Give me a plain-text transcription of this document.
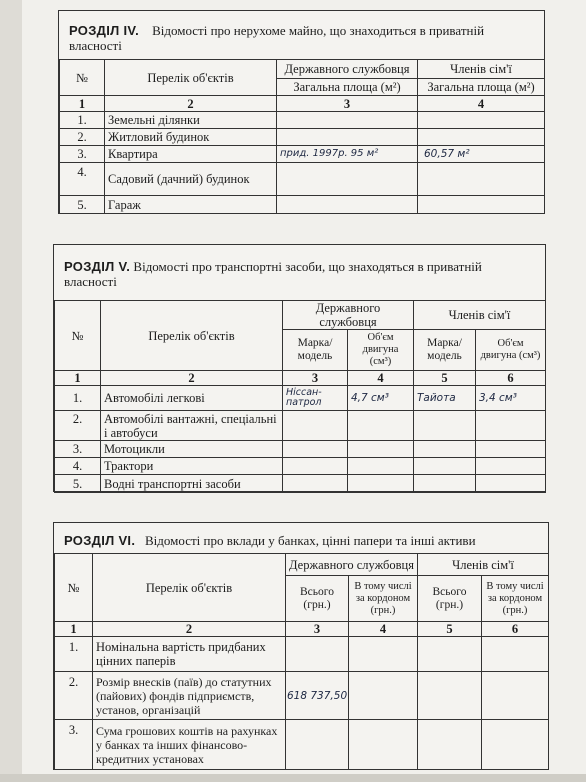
РОЗДІЛ IV. Відомості про нерухоме майно, що знаходиться в приватній власності
№	Перелік об'єктів	Державного службовця	Членів сім'ї
		Загальна площа (м²)	Загальна площа (м²)
1	2	3	4
1.	Земельні ділянки		
2.	Житловий будинок		
3.	Квартира	прид. 1997р. 95 м²	60,57 м²
4.	Садовий (дачний) будинок		
5.	Гараж		
РОЗДІЛ V. Відомості про транспортні засоби, що знаходяться в приватній власності
№	Перелік об'єктів	Державного службовця		Членів сім'ї	
		Марка/ модель	Об'єм двигуна (см³)	Марка/ модель	Об'єм двигуна (см³)
1	2	3	4	5	6
1.	Автомобілі легкові	Ніссан-патрол	4,7 см³	Тайота	3,4 см³
2.	Автомобілі вантажні, спеціальні і автобуси				
3.	Мотоцикли				
4.	Трактори				
5.	Водні транспортні засоби				
РОЗДІЛ VI. Відомості про вклади у банках, цінні папери та інші активи
№	Перелік об'єктів	Державного службовця		Членів сім'ї	
		Всього (грн.)	В тому числі за кордоном (грн.)	Всього (грн.)	В тому числі за кордоном (грн.)
1	2	3	4	5	6
1.	Номінальна вартість придбаних цінних паперів				
2.	Розмір внесків (паїв) до статутних (пайових) фондів підприємств, установ, організацій	618 737,50			
3.	Сума грошових коштів на рахунках у банках та інших фінансово-кредитних установах				
